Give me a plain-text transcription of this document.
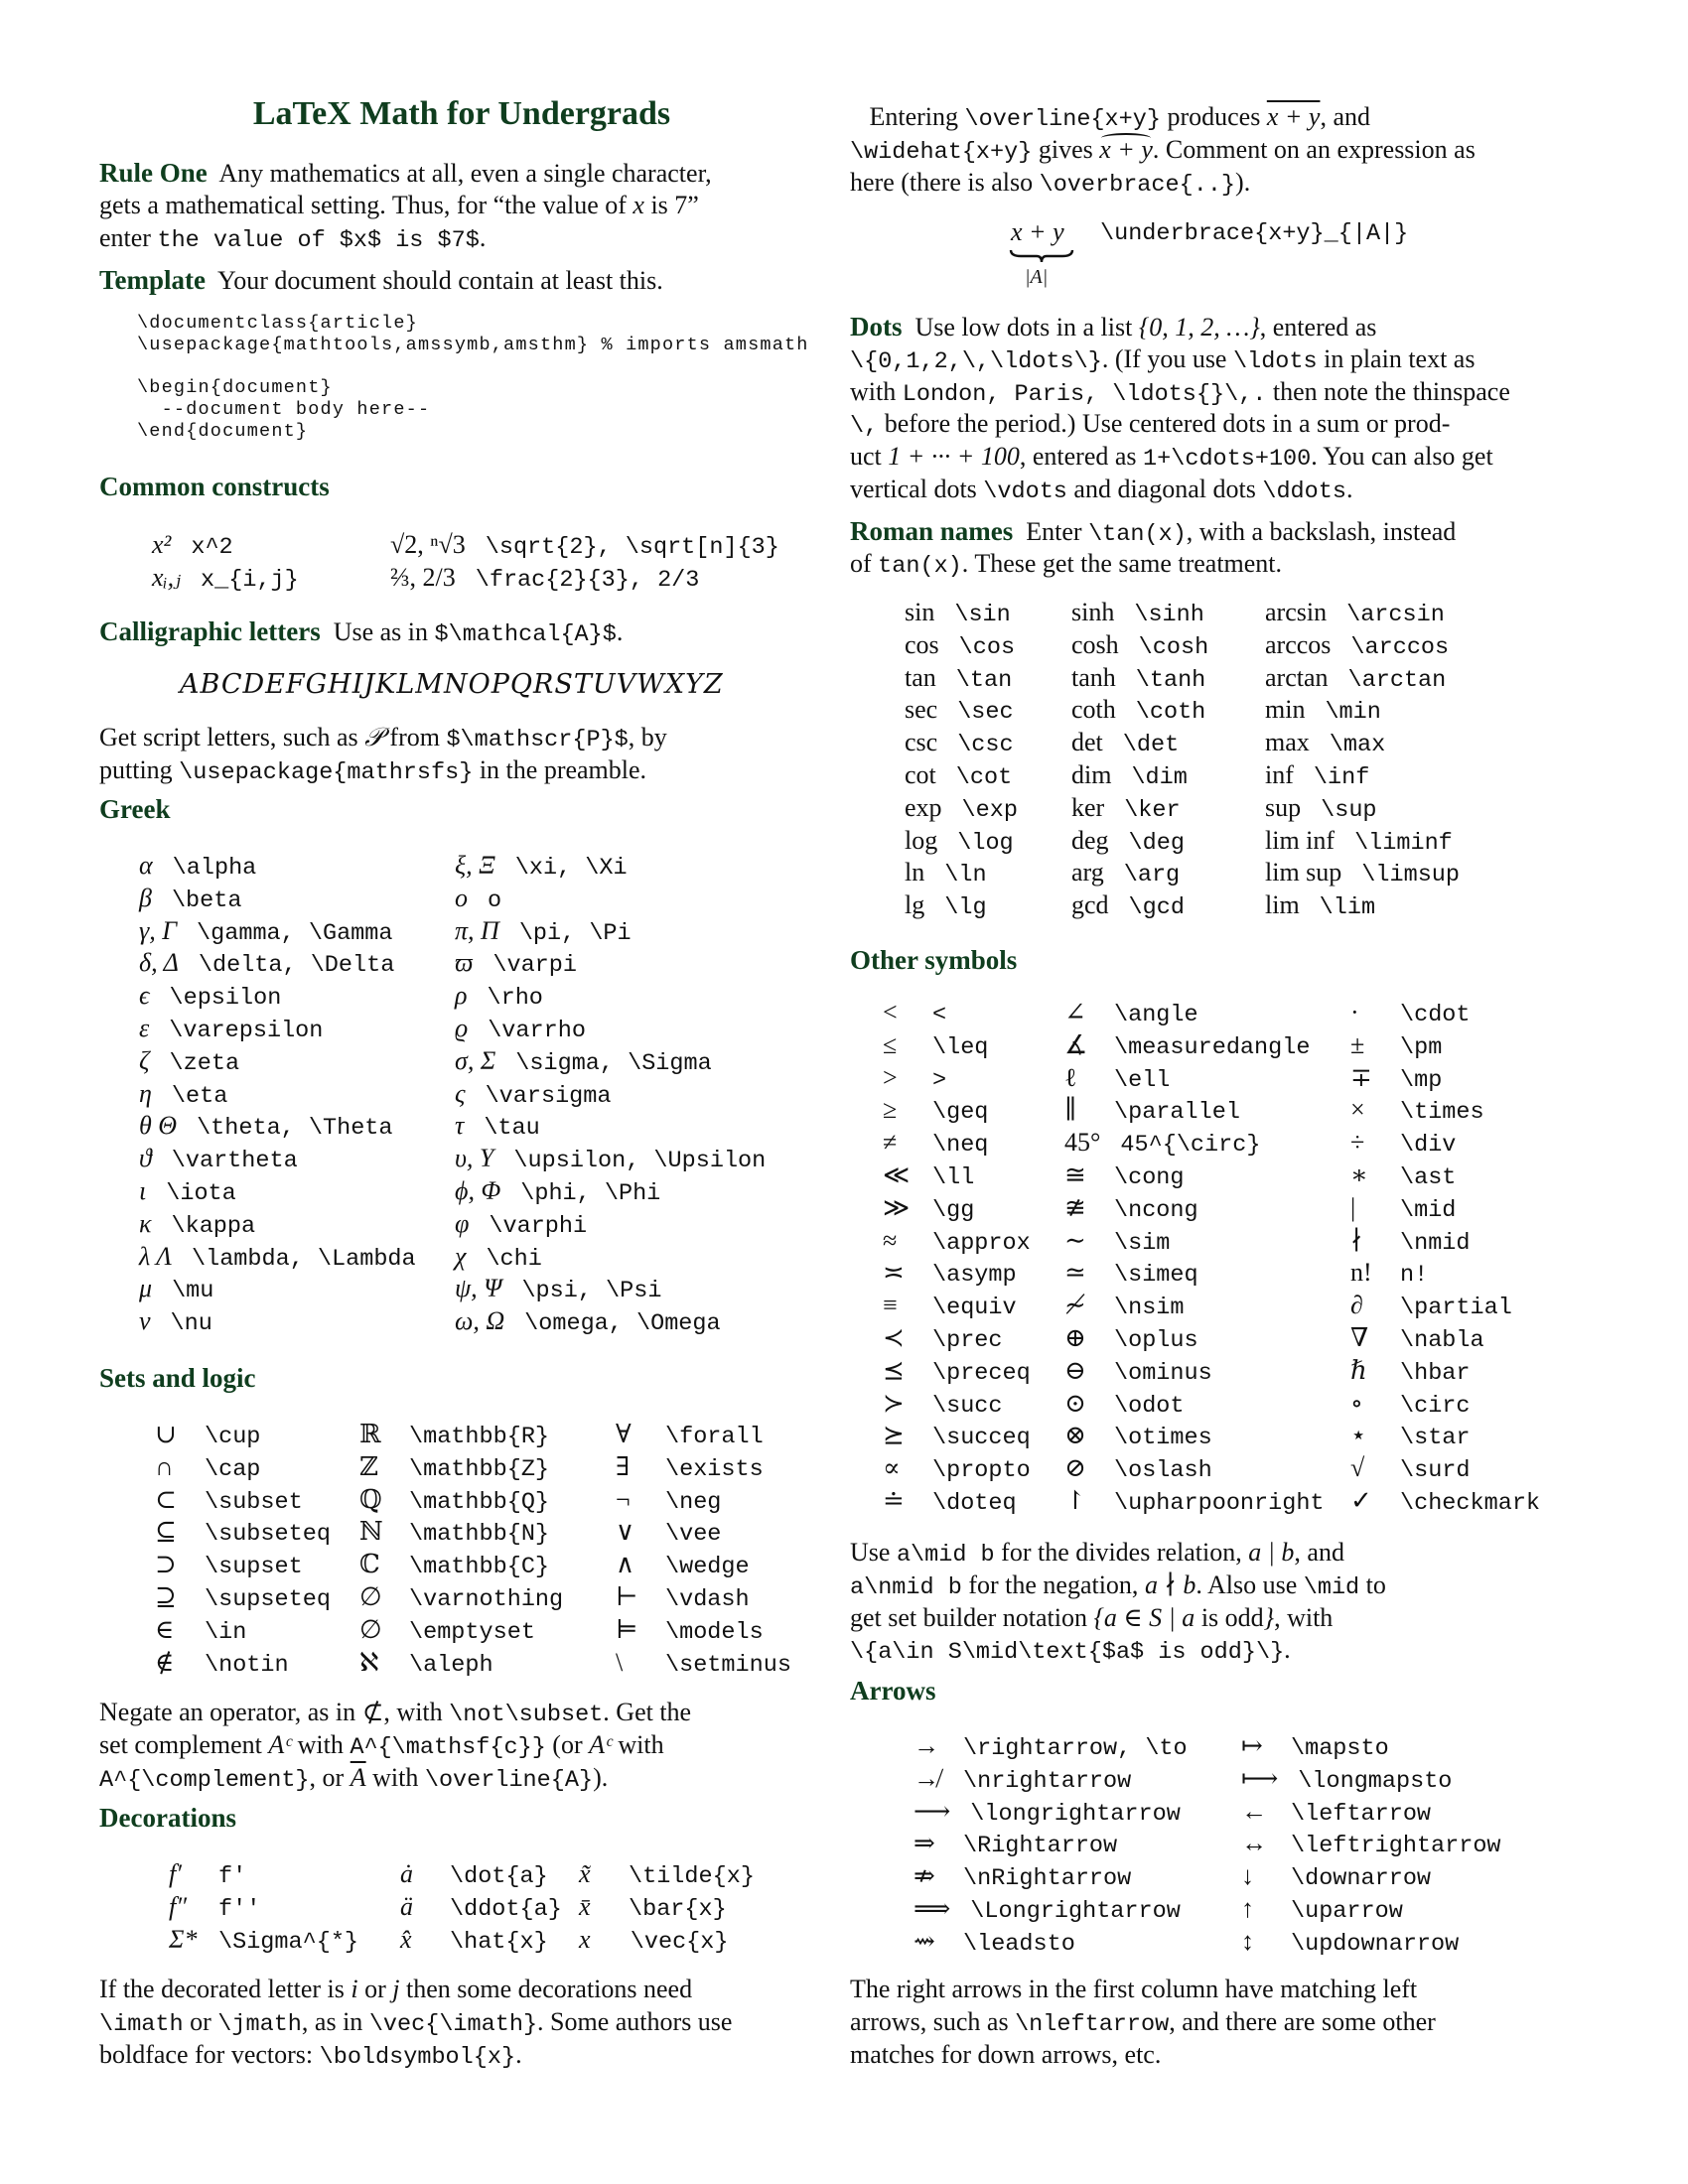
LaTeX Math for Undergrads
Rule One  Any mathematics at all, even a single character,
gets a mathematical setting. Thus, for “the value of x is 7”
enter the value of $x$ is $7$.
Template  Your document should contain at least this.
\documentclass{article}
\usepackage{mathtools,amssymb,amsthm} % imports amsmath
\begin{document}
--document body here--
\end{document}
Common constructs
x² x^2
xᵢ,ⱼ x_{i,j}
√2, ⁿ√3 \sqrt{2}, \sqrt[n]{3}
⅔, 2/3 \frac{2}{3}, 2/3
Calligraphic letters  Use as in $\mathcal{A}$.
ABCDEFGHIJKLMNOPQRSTUVWXYZ
Get script letters, such as 𝒫 from $\mathscr{P}$, by
putting \usepackage{mathrsfs} in the preamble.
Greek
α \alpha
β \beta
γ, Γ \gamma, \Gamma
δ, Δ \delta, \Delta
ϵ \epsilon
ε \varepsilon
ζ \zeta
η \eta
θ Θ \theta, \Theta
ϑ \vartheta
ι \iota
κ \kappa
λ Λ \lambda, \Lambda
μ \mu
ν \nu
ξ, Ξ \xi, \Xi
o o
π, Π \pi, \Pi
ϖ \varpi
ρ \rho
ϱ \varrho
σ, Σ \sigma, \Sigma
ς \varsigma
τ \tau
υ, Υ \upsilon, \Upsilon
ϕ, Φ \phi, \Phi
φ \varphi
χ \chi
ψ, Ψ \psi, \Psi
ω, Ω \omega, \Omega
Sets and logic
∪ \cup
∩ \cap
⊂ \subset
⊆ \subseteq
⊃ \supset
⊇ \supseteq
∈ \in
∉ \notin
ℝ \mathbb{R}
ℤ \mathbb{Z}
ℚ \mathbb{Q}
ℕ \mathbb{N}
ℂ \mathbb{C}
∅ \varnothing
∅ \emptyset
ℵ \aleph
∀ \forall
∃ \exists
¬ \neg
∨ \vee
∧ \wedge
⊢ \vdash
⊨ \models
\ \setminus
Negate an operator, as in ⊄, with \not\subset. Get the
set complement Aᶜ with A^{\mathsf{c}} (or Aᶜ with
A^{\complement}, or $\overline{A}$ with \overline{A}).
Decorations
f′ f'
f″ f''
Σ* \Sigma^{*}
ȧ \dot{a}
ä \ddot{a}
x̂ \hat{x}
x̃ \tilde{x}
x̄ \bar{x}
x⃗ \vec{x}
If the decorated letter is i or j then some decorations need
\imath or \jmath, as in \vec{\imath}. Some authors use
boldface for vectors: \boldsymbol{x}.
Entering \overline{x+y} produces x + y, and
\widehat{x+y} gives x + y. Comment on an expression as
here (there is also \overbrace{..}).
x + y
|A|
\underbrace{x+y}_{|A|}
Dots  Use low dots in a list {0, 1, 2, …}, entered as
\{0,1,2,\,\ldots\}. (If you use \ldots in plain text as
with London, Paris, \ldots{}\,. then note the thinspace
\, before the period.) Use centered dots in a sum or prod-
uct 1 + ··· + 100, entered as 1+\cdots+100. You can also get
vertical dots \vdots and diagonal dots \ddots.
Roman names  Enter \tan(x), with a backslash, instead
of tan(x). These get the same treatment.
sin \sin
cos \cos
tan \tan
sec \sec
csc \csc
cot \cot
exp \exp
log \log
ln \ln
lg \lg
sinh \sinh
cosh \cosh
tanh \tanh
coth \coth
det \det
dim \dim
ker \ker
deg \deg
arg \arg
gcd \gcd
arcsin \arcsin
arccos \arccos
arctan \arctan
min \min
max \max
inf \inf
sup \sup
lim inf \liminf
lim sup \limsup
lim \lim
Other symbols
< <
≤ \leq
> >
≥ \geq
≠ \neq
≪ \ll
≫ \gg
≈ \approx
≍ \asymp
≡ \equiv
≺ \prec
⪯ \preceq
≻ \succ
⪰ \succeq
∝ \propto
≐ \doteq
∠ \angle
∡ \measuredangle
ℓ \ell
∥ \parallel
45° 45^{\circ}
≅ \cong
≇ \ncong
∼ \sim
≃ \simeq
≁ \nsim
⊕ \oplus
⊖ \ominus
⊙ \odot
⊗ \otimes
⊘ \oslash
↾ \upharpoonright
· \cdot
± \pm
∓ \mp
× \times
÷ \div
∗ \ast
| \mid
∤ \nmid
n! n!
∂ \partial
∇ \nabla
ℏ \hbar
∘ \circ
⋆ \star
√ \surd
✓ \checkmark
Use a\mid b for the divides relation, a | b, and
a\nmid b for the negation, a ∤ b. Also use \mid to
get set builder notation {a ∈ S | a is odd}, with
\{a\in S\mid\text{$a$ is odd}\}.
Arrows
→ \rightarrow, \to
↛ \nrightarrow
⟶ \longrightarrow
⇒ \Rightarrow
⇏ \nRightarrow
⟹ \Longrightarrow
⇝ \leadsto
↦ \mapsto
⟼ \longmapsto
← \leftarrow
↔ \leftrightarrow
↓ \downarrow
↑ \uparrow
↕ \updownarrow
The right arrows in the first column have matching left
arrows, such as \nleftarrow, and there are some other
matches for down arrows, etc.
